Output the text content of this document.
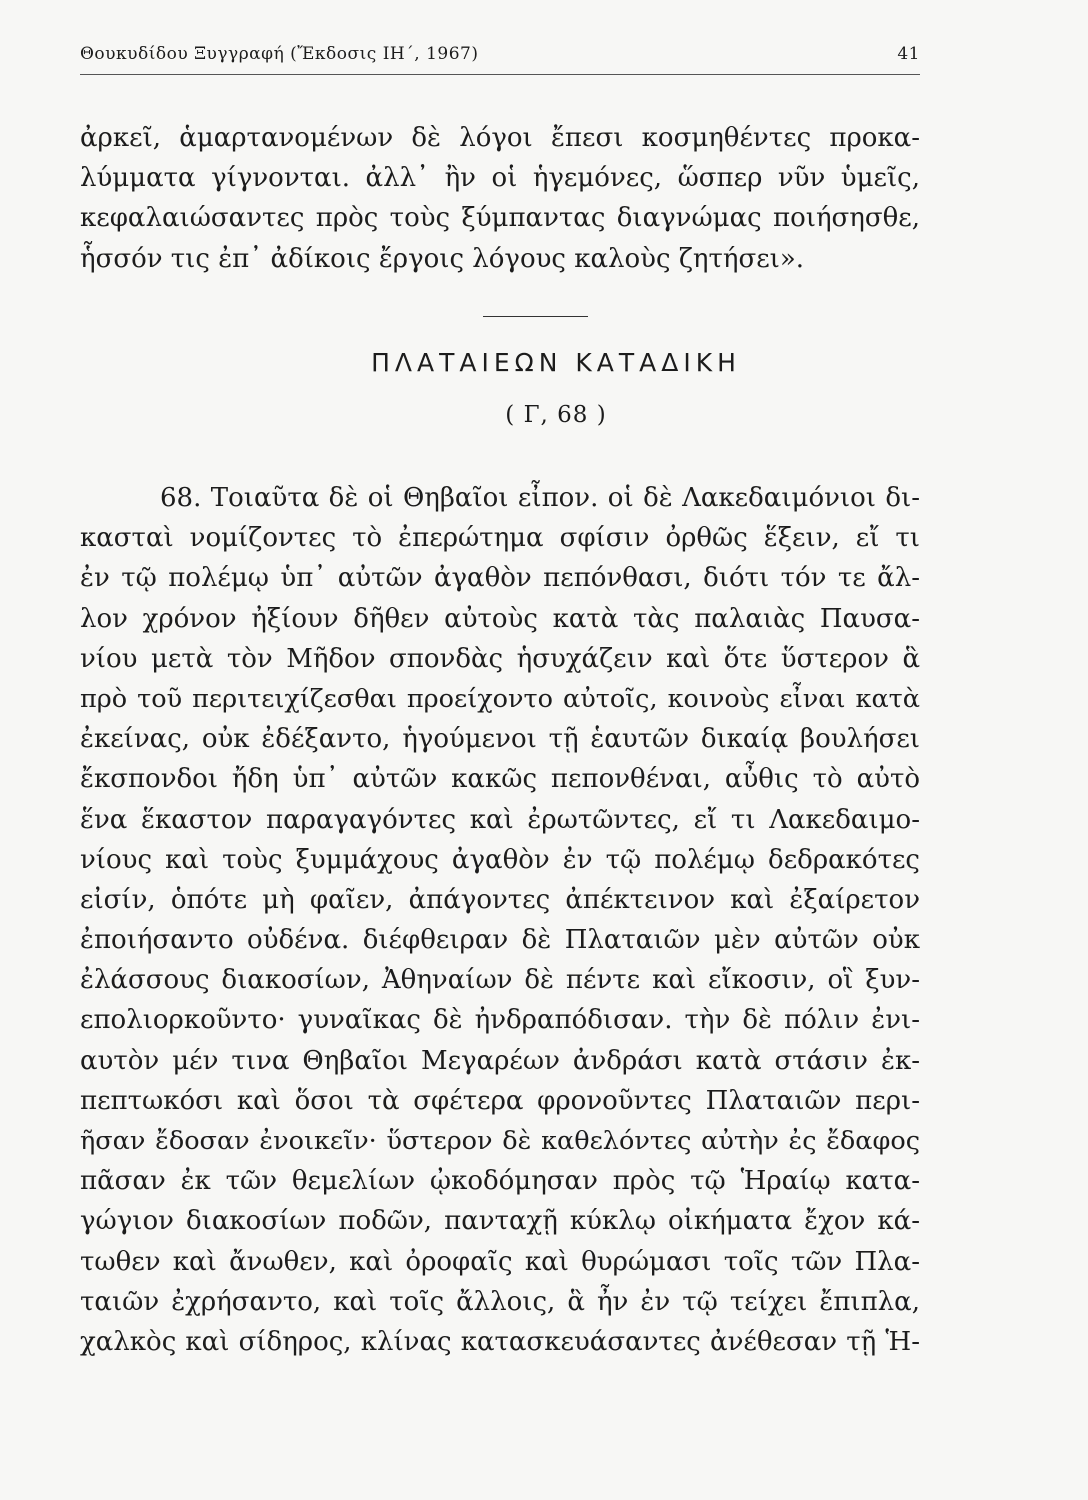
Θουκυδίδου Ξυγγραφή (Ἔκδοσις ΙΗ΄, 1967)	41
ἀρκεῖ, ἁμαρτανομένων δὲ λόγοι ἔπεσι κοσμηθέντες προκα-
λύμματα γίγνονται. ἀλλ᾽ ἢν οἱ ἡγεμόνες, ὥσπερ νῦν ὑμεῖς,
κεφαλαιώσαντες πρὸς τοὺς ξύμπαντας διαγνώμας ποιήσησθε,
ἧσσόν τις ἐπ᾽ ἀδίκοις ἔργοις λόγους καλοὺς ζητήσει».
ΠΛΑΤΑΙΕΩΝ ΚΑΤΑΔΙΚΗ
( Γ, 68 )
68. Τοιαῦτα δὲ οἱ Θηβαῖοι εἶπον. οἱ δὲ Λακεδαιμόνιοι δι-
κασταὶ νομίζοντες τὸ ἐπερώτημα σφίσιν ὀρθῶς ἕξειν, εἴ τι
ἐν τῷ πολέμῳ ὑπ᾽ αὐτῶν ἀγαθὸν πεπόνθασι, διότι τόν τε ἄλ-
λον χρόνον ἠξίουν δῆθεν αὐτοὺς κατὰ τὰς παλαιὰς Παυσα-
νίου μετὰ τὸν Μῆδον σπονδὰς ἡσυχάζειν καὶ ὅτε ὕστερον ἃ
πρὸ τοῦ περιτειχίζεσθαι προείχοντο αὐτοῖς, κοινοὺς εἶναι κατὰ
ἐκείνας, οὐκ ἐδέξαντο, ἡγούμενοι τῇ ἑαυτῶν δικαίᾳ βουλήσει
ἔκσπονδοι ἤδη ὑπ᾽ αὐτῶν κακῶς πεπονθέναι, αὖθις τὸ αὐτὸ
ἕνα ἕκαστον παραγαγόντες καὶ ἐρωτῶντες, εἴ τι Λακεδαιμο-
νίους καὶ τοὺς ξυμμάχους ἀγαθὸν ἐν τῷ πολέμῳ δεδρακότες
εἰσίν, ὁπότε μὴ φαῖεν, ἀπάγοντες ἀπέκτεινον καὶ ἐξαίρετον
ἐποιήσαντο οὐδένα. διέφθειραν δὲ Πλαταιῶν μὲν αὐτῶν οὐκ
ἐλάσσους διακοσίων, Ἀθηναίων δὲ πέντε καὶ εἴκοσιν, οἳ ξυν-
επολιορκοῦντο· γυναῖκας δὲ ἠνδραπόδισαν. τὴν δὲ πόλιν ἐνι-
αυτὸν μέν τινα Θηβαῖοι Μεγαρέων ἀνδράσι κατὰ στάσιν ἐκ-
πεπτωκόσι καὶ ὅσοι τὰ σφέτερα φρονοῦντες Πλαταιῶν περι-
ῆσαν ἔδοσαν ἐνοικεῖν· ὕστερον δὲ καθελόντες αὐτὴν ἐς ἔδαφος
πᾶσαν ἐκ τῶν θεμελίων ᾠκοδόμησαν πρὸς τῷ Ἡραίῳ κατα-
γώγιον διακοσίων ποδῶν, πανταχῇ κύκλῳ οἰκήματα ἔχον κά-
τωθεν καὶ ἄνωθεν, καὶ ὀροφαῖς καὶ θυρώμασι τοῖς τῶν Πλα-
ταιῶν ἐχρήσαντο, καὶ τοῖς ἄλλοις, ἃ ἦν ἐν τῷ τείχει ἔπιπλα,
χαλκὸς καὶ σίδηρος, κλίνας κατασκευάσαντες ἀνέθεσαν τῇ Ἡ-
